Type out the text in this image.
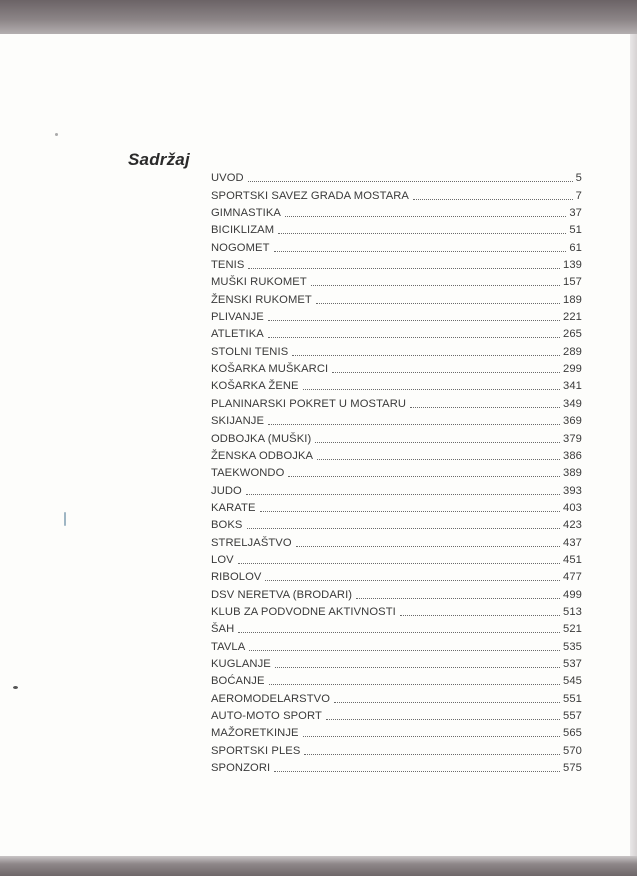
Sadržaj
UVOD	5
SPORTSKI SAVEZ GRADA MOSTARA	7
GIMNASTIKA	37
BICIKLIZAM	51
NOGOMET	61
TENIS	139
MUŠKI RUKOMET	157
ŽENSKI RUKOMET	189
PLIVANJE	221
ATLETIKA	265
STOLNI TENIS	289
KOŠARKA MUŠKARCI	299
KOŠARKA ŽENE	341
PLANINARSKI POKRET U MOSTARU	349
SKIJANJE	369
ODBOJKA (MUŠKI)	379
ŽENSKA ODBOJKA	386
TAEKWONDO	389
JUDO	393
KARATE	403
BOKS	423
STRELJAŠTVO	437
LOV	451
RIBOLOV	477
DSV NERETVA (BRODARI)	499
KLUB ZA PODVODNE AKTIVNOSTI	513
ŠAH	521
TAVLA	535
KUGLANJE	537
BOĆANJE	545
AEROMODELARSTVO	551
AUTO-MOTO SPORT	557
MAŽORETKINJE	565
SPORTSKI PLES	570
SPONZORI	575
